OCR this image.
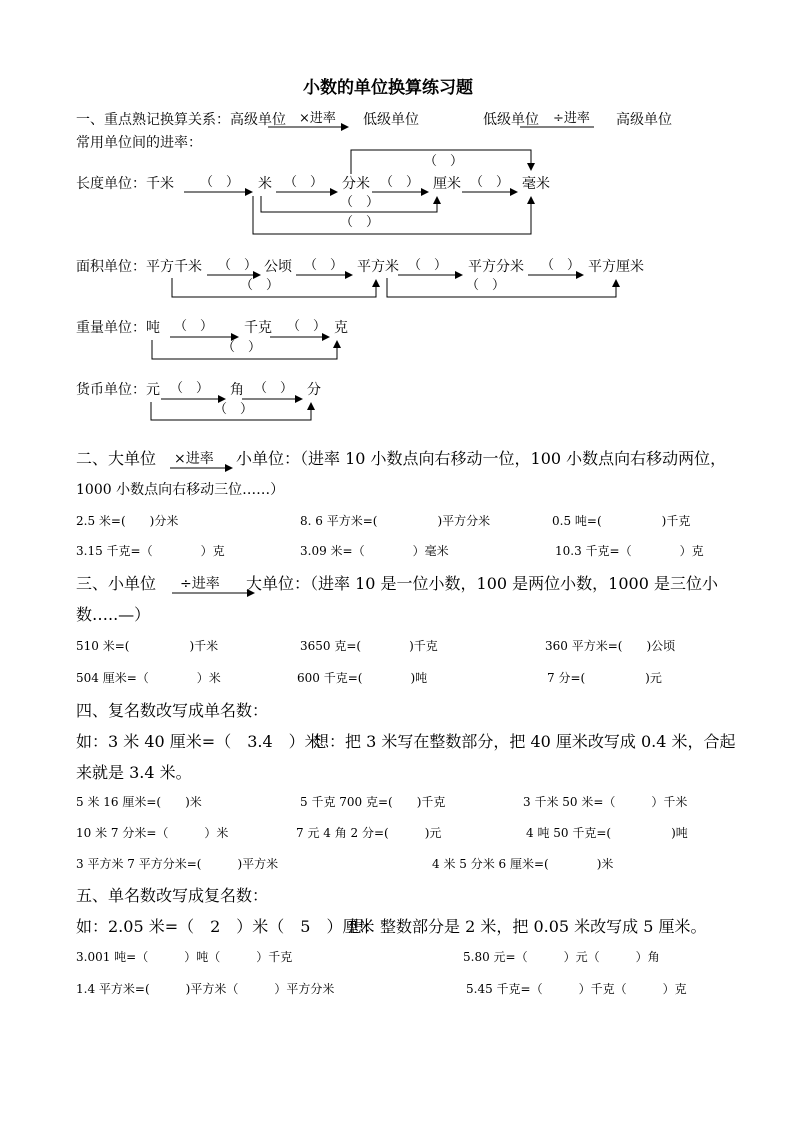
小数的单位换算练习题
一、重点熟记换算关系：高级单位 ×进率 低级单位	低级单位 ÷进率 高级单位
常用单位间的进率：
长度单位： 千米	米	分米	厘米	毫米
（　）	（　）	（　）	（　）
（　）
（　）
（　）
面积单位： 平方千米	公顷	平方米	平方分米	平方厘米
（　）	（　）	（　）	（　）
（　）	（　）
重量单位： 吨	千克	克
（　）	（　）
（　）
货币单位： 元	角	分
（　）	（　）
（　）
二、大单位 ×进率 小单位：（进率 10 小数点向右移动一位，100 小数点向右移动两位，
1000 小数点向右移动三位……）
2.5 米=(　　)分米	8. 6 平方米=(　　　　　)平方分米	0.5 吨=(　　　　　)千克
3.15 千克=（　　　　）克	3.09 米=（　　　　）毫米	10.3 千克=（　　　　）克
三、小单位 ÷进率 大单位：（进率 10 是一位小数，100 是两位小数，1000 是三位小
数…..—）
510 米=(　　　　　)千米	3650 克=(　　　　)千克	360 平方米=(　　)公顷
504 厘米=（　　　　）米	600 千克=(　　　　)吨	7 分=(　　　　　)元
四、复名数改写成单名数：
如：3 米 40 厘米=（　3.4　）米
想：把 3 米写在整数部分，把 40 厘米改写成 0.4 米，合起
来就是 3.4 米。
5 米 16 厘米=(　　)米	5 千克 700 克=(　　)千克	3 千米 50 米=（　　　）千米
10 米 7 分米=（　　　）米	7 元 4 角 2 分=(　　　)元	4 吨 50 千克=(　　　　　)吨
3 平方米 7 平方分米=(　　　)平方米	4 米 5 分米 6 厘米=(　　　　)米
五、单名数改写成复名数：
如：2.05 米=（　2　）米（　5　）厘米
想：整数部分是 2 米，把 0.05 米改写成 5 厘米。
3.001 吨=（　　　）吨（　　　）千克	5.80 元=（　　　）元（　　　）角
1.4 平方米=(　　　)平方米（　　　）平方分米	5.45 千克=（　　　）千克（　　　）克
